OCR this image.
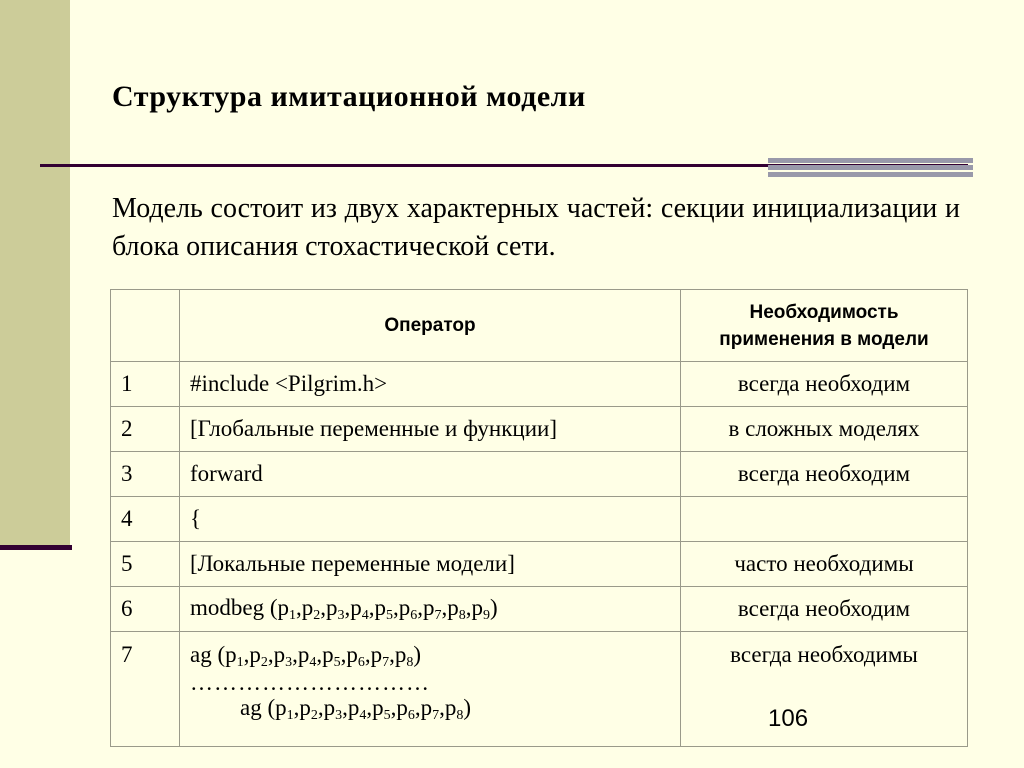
Структура имитационной модели
Модель состоит из двух характерных частей: секции инициализации и блока описания стохастической сети.
	Оператор	Необходимость применения в модели
1	#include <Pilgrim.h>	всегда необходим
2	[Глобальные переменные и функции]	в сложных моделях
3	forward	всегда необходим
4	{	
5	[Локальные переменные модели]	часто необходимы
6	modbeg $(p_1,p_2,p_3,p_4,p_5,p_6,p_7,p_8,p_9)$	всегда необходим
7	ag $(p_1,p_2,p_3,p_4,p_5,p_6,p_7,p_8)$
…………………………
ag $(p_1,p_2,p_3,p_4,p_5,p_6,p_7,p_8)$	всегда необходимы
106
